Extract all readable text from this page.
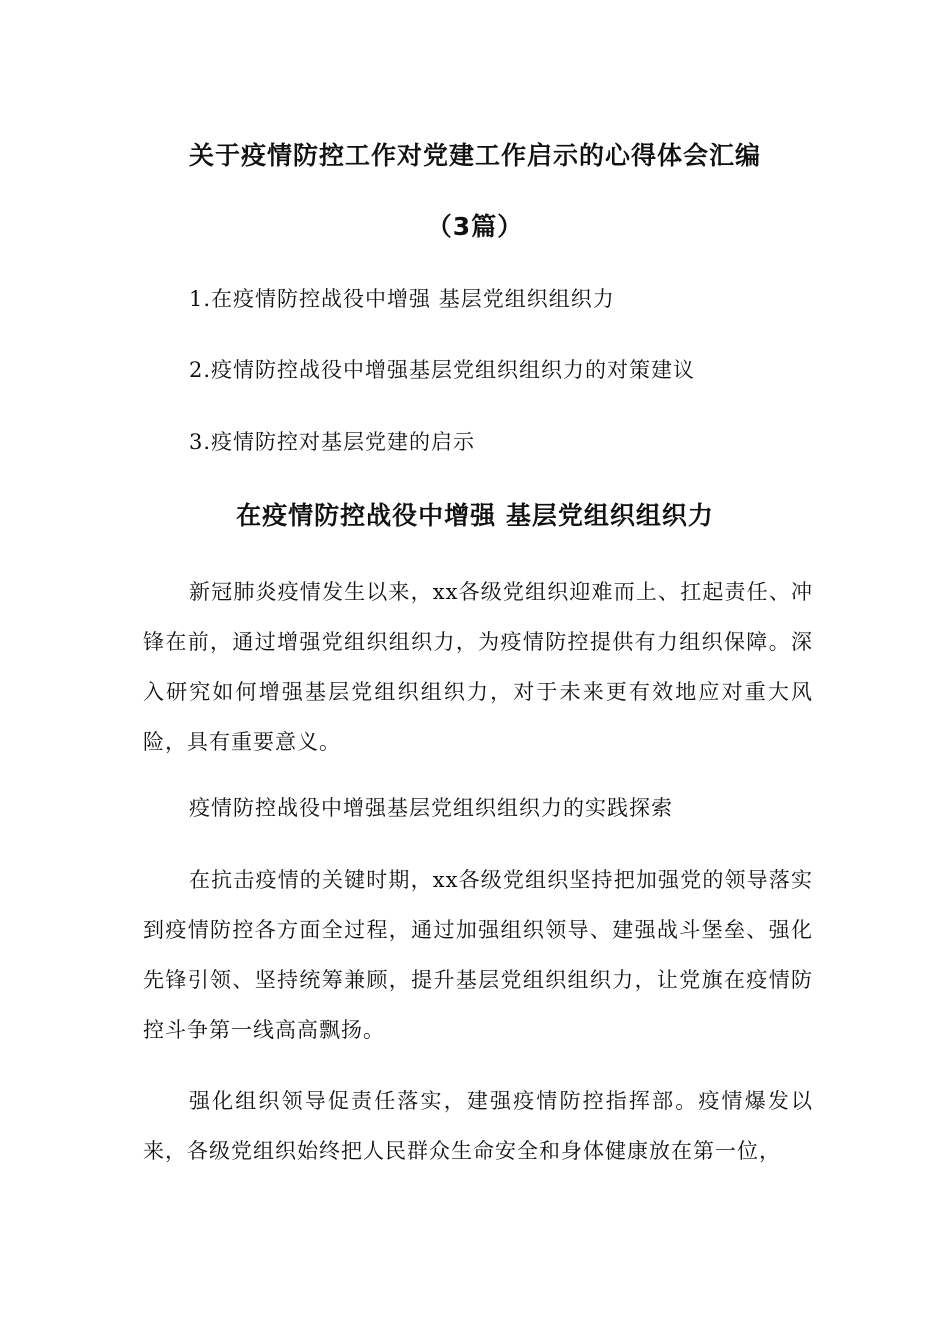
关于疫情防控工作对党建工作启示的心得体会汇编
（3篇）
1.在疫情防控战役中增强 基层党组织组织力
2.疫情防控战役中增强基层党组织组织力的对策建议
3.疫情防控对基层党建的启示
在疫情防控战役中增强 基层党组织组织力

新冠肺炎疫情发生以来，xx各级党组织迎难而上、扛起责任、冲锋在前，通过增强党组织组织力，为疫情防控提供有力组织保障。深入研究如何增强基层党组织组织力，对于未来更有效地应对重大风险，具有重要意义。

疫情防控战役中增强基层党组织组织力的实践探索

在抗击疫情的关键时期，xx各级党组织坚持把加强党的领导落实到疫情防控各方面全过程，通过加强组织领导、建强战斗堡垒、强化先锋引领、坚持统筹兼顾，提升基层党组织组织力，让党旗在疫情防控斗争第一线高高飘扬。

强化组织领导促责任落实，建强疫情防控指挥部。疫情爆发以来，各级党组织始终把人民群众生命安全和身体健康放在第一位，
